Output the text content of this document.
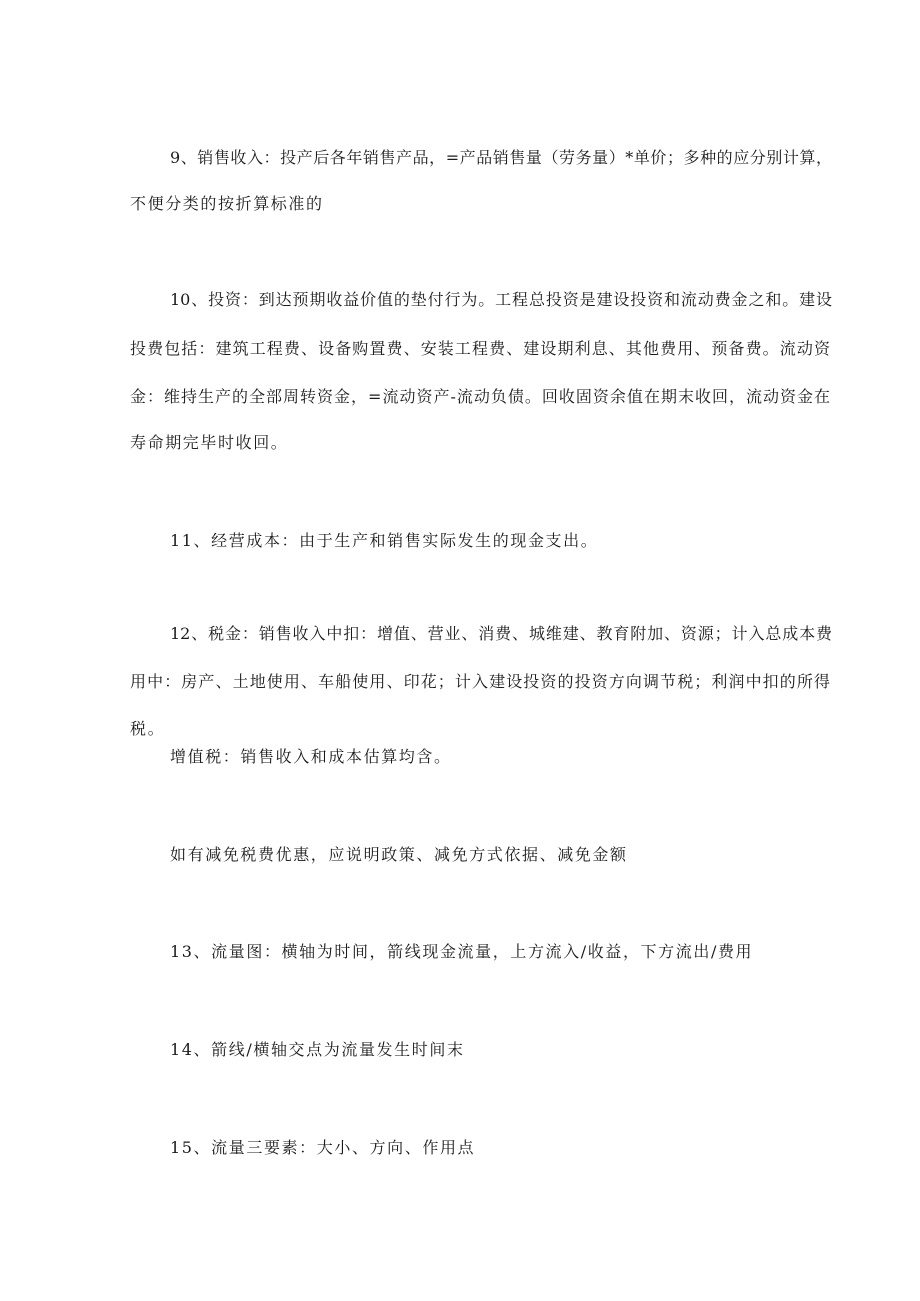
9、销售收入：投产后各年销售产品，=产品销售量（劳务量）*单价；多种的应分别计算，
不便分类的按折算标准的
10、投资：到达预期收益价值的垫付行为。工程总投资是建设投资和流动费金之和。建设
投费包括：建筑工程费、设备购置费、安装工程费、建设期利息、其他费用、预备费。流动资
金：维持生产的全部周转资金，=流动资产-流动负债。回收固资余值在期末收回，流动资金在
寿命期完毕时收回。
11、经营成本：由于生产和销售实际发生的现金支出。
12、税金：销售收入中扣：增值、营业、消费、城维建、教育附加、资源；计入总成本费
用中：房产、土地使用、车船使用、印花；计入建设投资的投资方向调节税；利润中扣的所得
税。
增值税：销售收入和成本估算均含。
如有减免税费优惠，应说明政策、减免方式依据、减免金额
13、流量图：横轴为时间，箭线现金流量，上方流入/收益，下方流出/费用
14、箭线/横轴交点为流量发生时间末
15、流量三要素：大小、方向、作用点
